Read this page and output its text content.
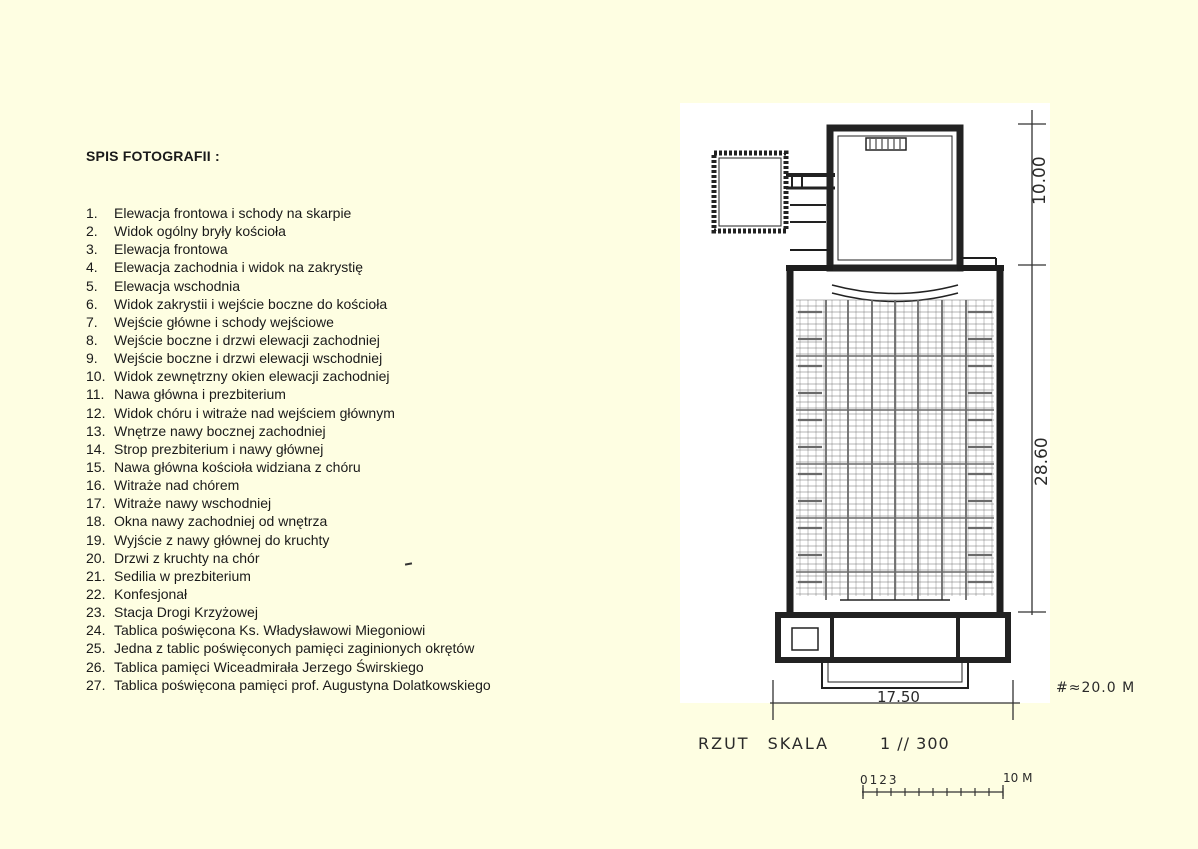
SPIS FOTOGRAFII :
1. Elewacja frontowa i schody na skarpie
2. Widok ogólny bryły kościoła
3. Elewacja frontowa
4. Elewacja zachodnia i widok na zakrystię
5. Elewacja wschodnia
6. Widok zakrystii i wejście boczne do kościoła
7. Wejście główne i schody wejściowe
8. Wejście boczne i drzwi elewacji zachodniej
9. Wejście boczne i drzwi elewacji wschodniej
10. Widok zewnętrzny okien elewacji zachodniej
11. Nawa główna i prezbiterium
12. Widok chóru i witraże nad wejściem głównym
13. Wnętrze nawy bocznej zachodniej
14. Strop prezbiterium i nawy głównej
15. Nawa główna kościoła widziana z chóru
16. Witraże nad chórem
17. Witraże nawy wschodniej
18. Okna nawy zachodniej od wnętrza
19. Wyjście z nawy głównej do kruchty
20. Drzwi z kruchty na chór
21. Sedilia w prezbiterium
22. Konfesjonał
23. Stacja Drogi Krzyżowej
24. Tablica poświęcona Ks. Władysławowi Miegoniowi
25. Jedna z tablic poświęconych pamięci zaginionych okrętów
26. Tablica pamięci Wiceadmirała Jerzego Świrskiego
27. Tablica poświęcona pamięci prof. Augustyna Dolatkowskiego
10.00
28.60
17.50	#≈20.0 M
RZUT SKALA	1 // 300
0123	10 M
